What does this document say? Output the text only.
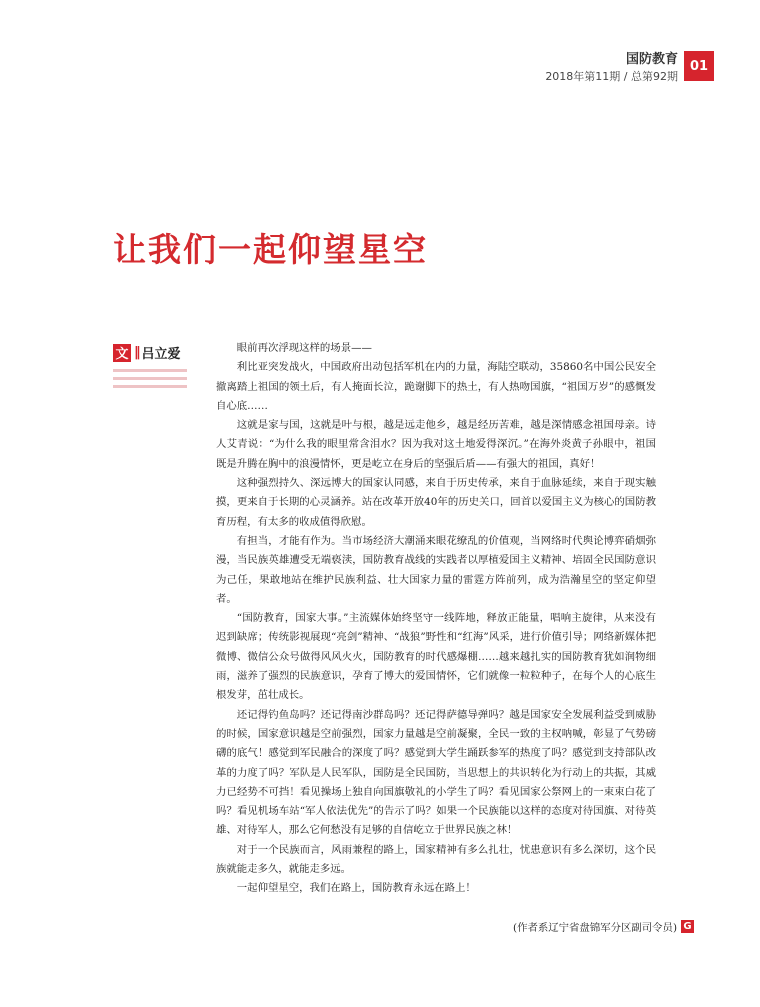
国防教育
2018年第11期 / 总第92期
01
让我们一起仰望星空
文 ‖ 吕立爱	眼前再次浮现这样的场景——

利比亚突发战火，中国政府出动包括军机在内的力量，海陆空联动，35860名中国公民安全撤离踏上祖国的领土后，有人掩面长泣，跪谢脚下的热土，有人热吻国旗，“祖国万岁”的感慨发自心底……

这就是家与国，这就是叶与根，越是远走他乡，越是经历苦难，越是深情感念祖国母亲。诗人艾青说：“为什么我的眼里常含泪水？因为我对这土地爱得深沉。”在海外炎黄子孙眼中，祖国既是升腾在胸中的浪漫情怀，更是屹立在身后的坚强后盾——有强大的祖国，真好！

这种强烈持久、深远博大的国家认同感，来自于历史传承，来自于血脉延续，来自于现实触摸，更来自于长期的心灵涵养。站在改革开放40年的历史关口，回首以爱国主义为核心的国防教育历程，有太多的收成值得欣慰。

有担当，才能有作为。当市场经济大潮涌来眼花缭乱的价值观，当网络时代舆论博弈硝烟弥漫，当民族英雄遭受无端亵渎，国防教育战线的实践者以厚植爱国主义精神、培固全民国防意识为己任，果敢地站在维护民族利益、壮大国家力量的雷霆方阵前列，成为浩瀚星空的坚定仰望者。

“国防教育，国家大事。”主流媒体始终坚守一线阵地，释放正能量，唱响主旋律，从来没有迟到缺席；传统影视展现“亮剑”精神、“战狼”野性和“红海”风采，进行价值引导；网络新媒体把微博、微信公众号做得风风火火，国防教育的时代感爆棚……越来越扎实的国防教育犹如润物细雨，滋养了强烈的民族意识，孕育了博大的爱国情怀，它们就像一粒粒种子，在每个人的心底生根发芽，茁壮成长。

还记得钓鱼岛吗？还记得南沙群岛吗？还记得萨德导弹吗？越是国家安全发展利益受到威胁的时候，国家意识越是空前强烈，国家力量越是空前凝聚，全民一致的主权呐喊，彰显了气势磅礴的底气！感觉到军民融合的深度了吗？感觉到大学生踊跃参军的热度了吗？感觉到支持部队改革的力度了吗？军队是人民军队，国防是全民国防，当思想上的共识转化为行动上的共振，其威力已经势不可挡！看见操场上独自向国旗敬礼的小学生了吗？看见国家公祭网上的一束束白花了吗？看见机场车站“军人依法优先”的告示了吗？如果一个民族能以这样的态度对待国旗、对待英雄、对待军人，那么它何愁没有足够的自信屹立于世界民族之林！

对于一个民族而言，风雨兼程的路上，国家精神有多么扎壮，忧患意识有多么深切，这个民族就能走多久，就能走多远。

一起仰望星空，我们在路上，国防教育永远在路上！

(作者系辽宁省盘锦军分区副司令员) G
